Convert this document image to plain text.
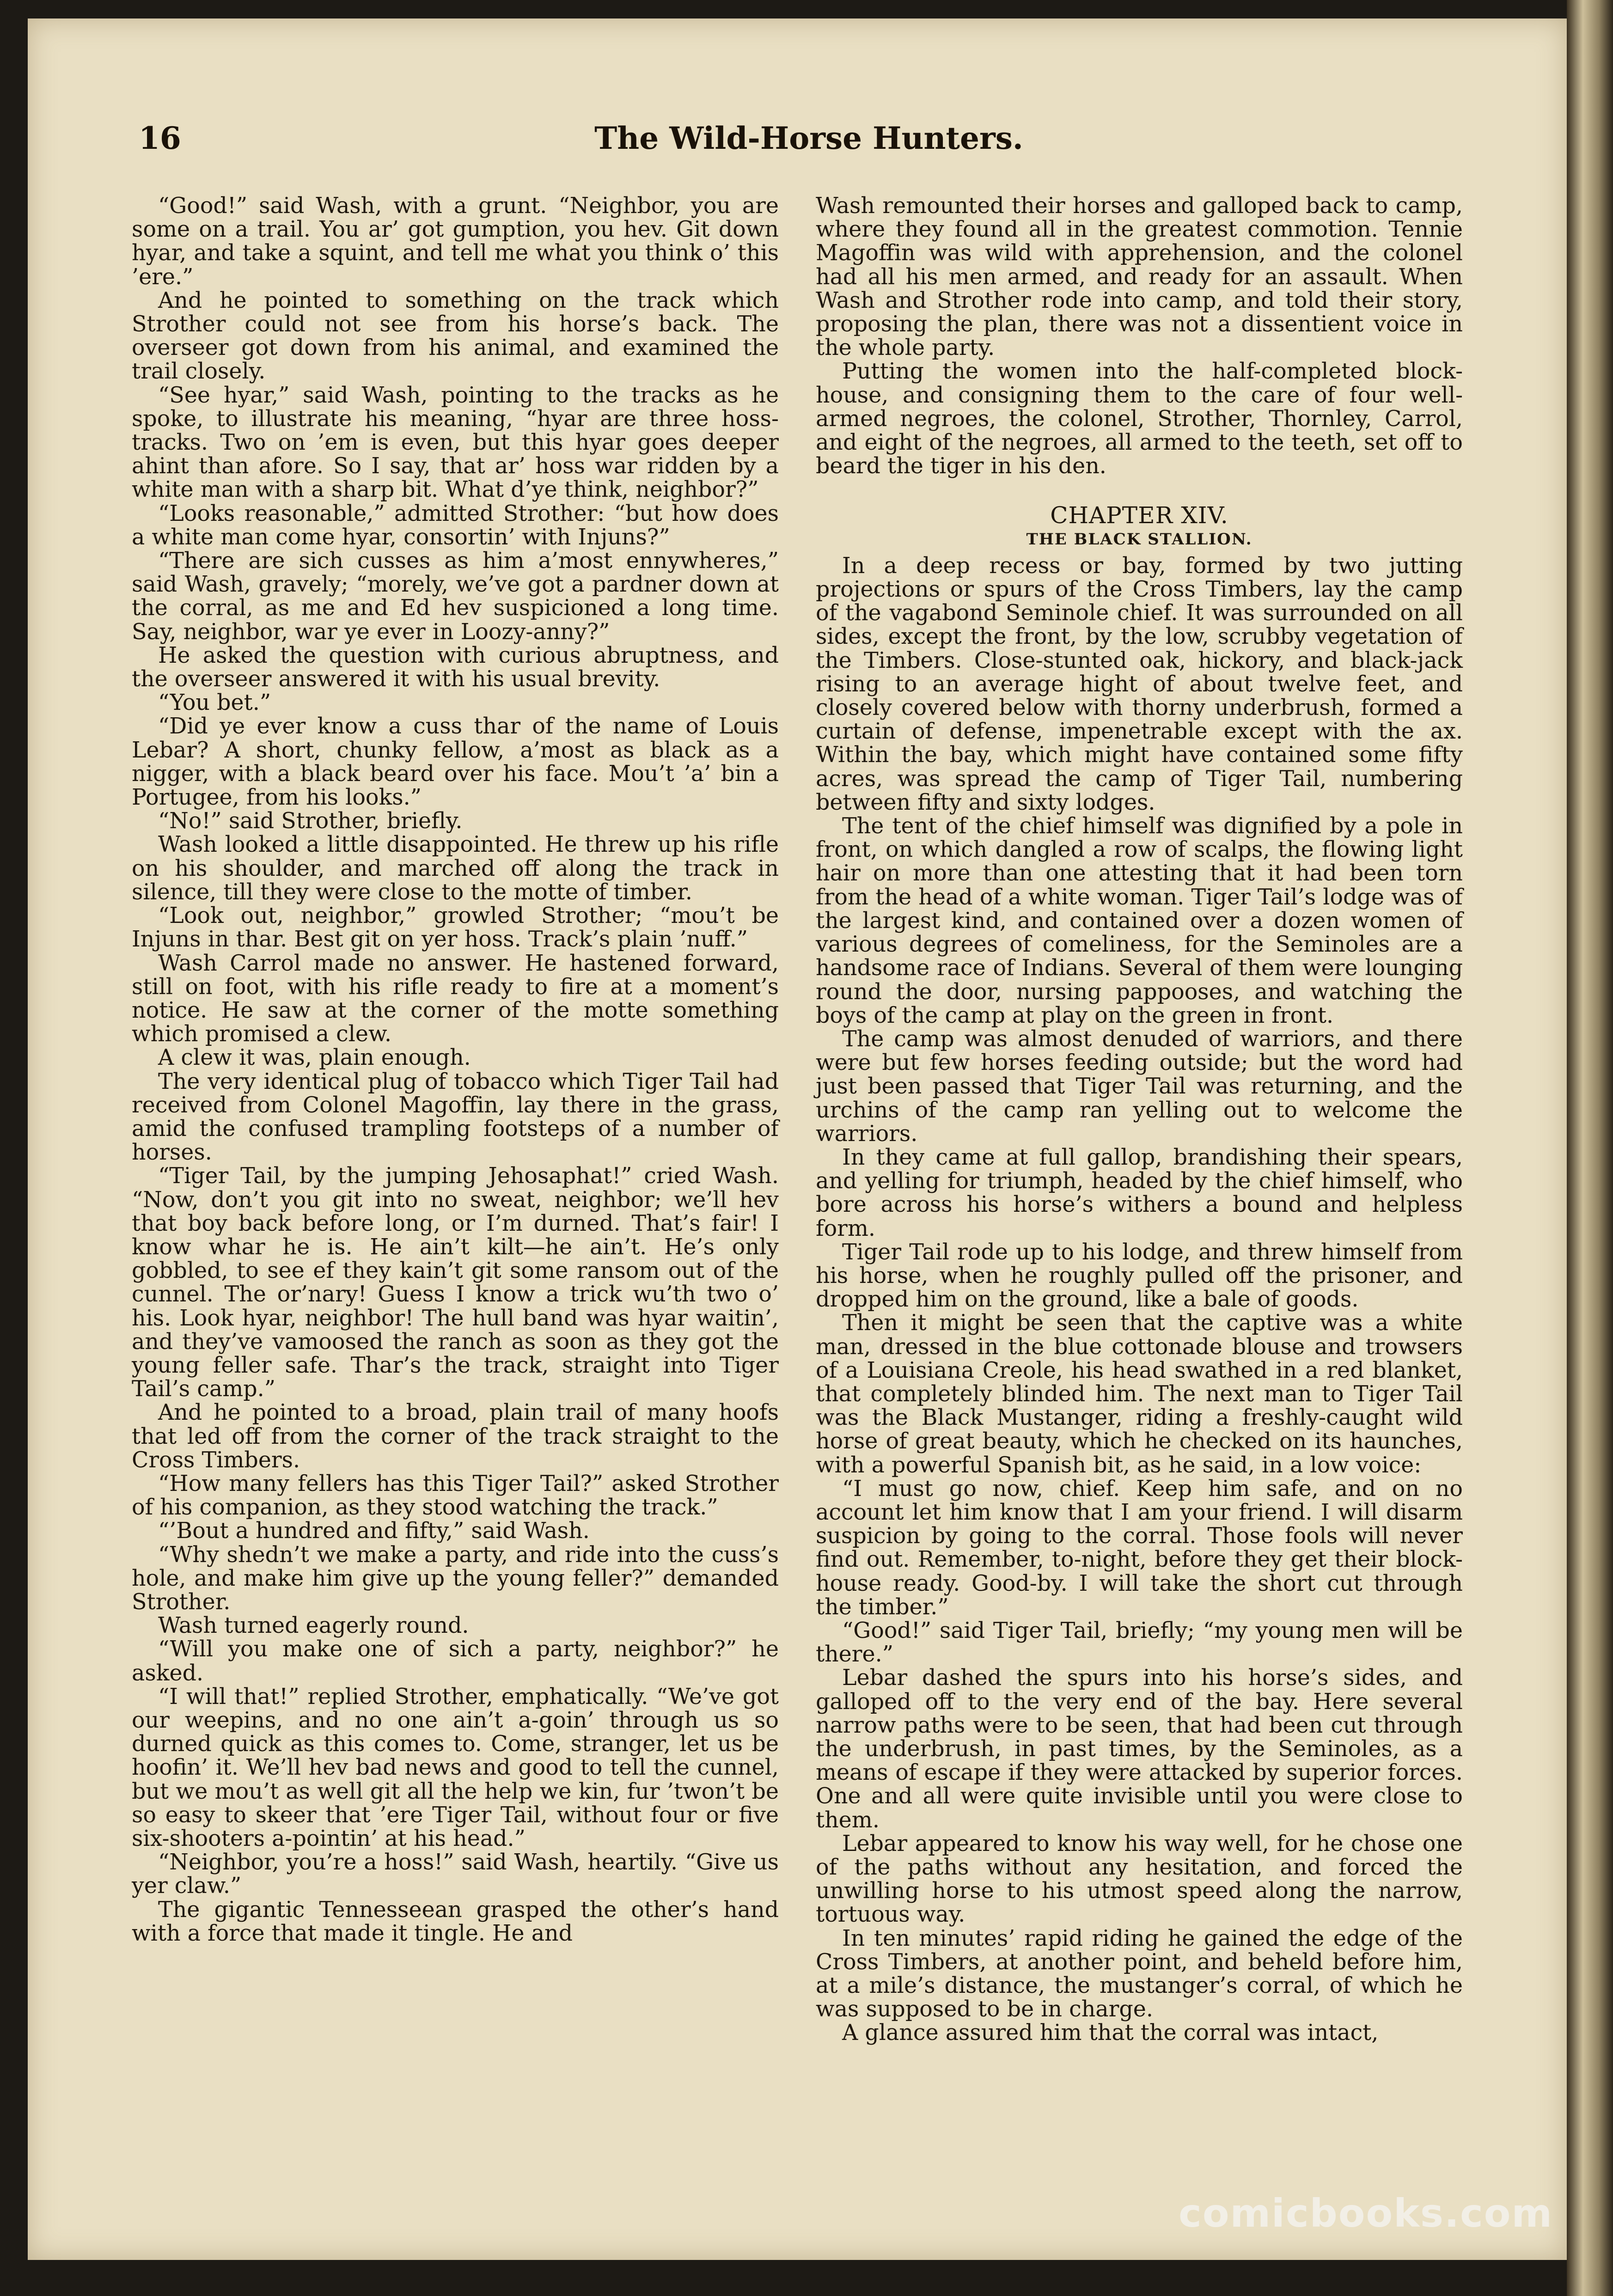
16	The Wild-Horse Hunters.

“Good!” said Wash, with a grunt. “Neighbor, you are some on a trail. You ar’ got gumption, you hev. Git down hyar, and take a squint, and tell me what you think o’ this ’ere.”

And he pointed to something on the track which Strother could not see from his horse’s back. The overseer got down from his animal, and examined the trail closely.

“See hyar,” said Wash, pointing to the tracks as he spoke, to illustrate his meaning, “hyar are three hoss-tracks. Two on ’em is even, but this hyar goes deeper ahint than afore. So I say, that ar’ hoss war ridden by a white man with a sharp bit. What d’ye think, neighbor?”

“Looks reasonable,” admitted Strother: “but how does a white man come hyar, consortin’ with Injuns?”

“There are sich cusses as him a’most ennywheres,” said Wash, gravely; “morely, we’ve got a pardner down at the corral, as me and Ed hev suspicioned a long time. Say, neighbor, war ye ever in Loozy-anny?”

He asked the question with curious abruptness, and the overseer answered it with his usual brevity.

“You bet.”

“Did ye ever know a cuss thar of the name of Louis Lebar? A short, chunky fellow, a’most as black as a nigger, with a black beard over his face. Mou’t ’a’ bin a Portugee, from his looks.”

“No!” said Strother, briefly.

Wash looked a little disappointed. He threw up his rifle on his shoulder, and marched off along the track in silence, till they were close to the motte of timber.

“Look out, neighbor,” growled Strother; “mou’t be Injuns in thar. Best git on yer hoss. Track’s plain ’nuff.”

Wash Carrol made no answer. He hastened forward, still on foot, with his rifle ready to fire at a moment’s notice. He saw at the corner of the motte something which promised a clew.

A clew it was, plain enough.

The very identical plug of tobacco which Tiger Tail had received from Colonel Magoffin, lay there in the grass, amid the confused trampling footsteps of a number of horses.

“Tiger Tail, by the jumping Jehosaphat!” cried Wash. “Now, don’t you git into no sweat, neighbor; we’ll hev that boy back before long, or I’m durned. That’s fair! I know whar he is. He ain’t kilt—he ain’t. He’s only gobbled, to see ef they kain’t git some ransom out of the cunnel. The or’nary! Guess I know a trick wu’th two o’ his. Look hyar, neighbor! The hull band was hyar waitin’, and they’ve vamoosed the ranch as soon as they got the young feller safe. Thar’s the track, straight into Tiger Tail’s camp.”

And he pointed to a broad, plain trail of many hoofs that led off from the corner of the track straight to the Cross Timbers.

“How many fellers has this Tiger Tail?” asked Strother of his companion, as they stood watching the track.”

“’Bout a hundred and fifty,” said Wash.

“Why shedn’t we make a party, and ride into the cuss’s hole, and make him give up the young feller?” demanded Strother.

Wash turned eagerly round.

“Will you make one of sich a party, neighbor?” he asked.

“I will that!” replied Strother, emphatically. “We’ve got our weepins, and no one ain’t a-goin’ through us so durned quick as this comes to. Come, stranger, let us be hoofin’ it. We’ll hev bad news and good to tell the cunnel, but we mou’t as well git all the help we kin, fur ’twon’t be so easy to skeer that ’ere Tiger Tail, without four or five six-shooters a-pointin’ at his head.”

“Neighbor, you’re a hoss!” said Wash, heartily. “Give us yer claw.”

The gigantic Tennesseean grasped the other’s hand with a force that made it tingle. He and

Wash remounted their horses and galloped back to camp, where they found all in the greatest commotion. Tennie Magoffin was wild with apprehension, and the colonel had all his men armed, and ready for an assault. When Wash and Strother rode into camp, and told their story, proposing the plan, there was not a dissentient voice in the whole party.

Putting the women into the half-completed block-house, and consigning them to the care of four well-armed negroes, the colonel, Strother, Thornley, Carrol, and eight of the negroes, all armed to the teeth, set off to beard the tiger in his den.

CHAPTER XIV.
THE BLACK STALLION.

In a deep recess or bay, formed by two jutting projections or spurs of the Cross Timbers, lay the camp of the vagabond Seminole chief. It was surrounded on all sides, except the front, by the low, scrubby vegetation of the Timbers. Close-stunted oak, hickory, and black-jack rising to an average hight of about twelve feet, and closely covered below with thorny underbrush, formed a curtain of defense, impenetrable except with the ax. Within the bay, which might have contained some fifty acres, was spread the camp of Tiger Tail, numbering between fifty and sixty lodges.

The tent of the chief himself was dignified by a pole in front, on which dangled a row of scalps, the flowing light hair on more than one attesting that it had been torn from the head of a white woman. Tiger Tail’s lodge was of the largest kind, and contained over a dozen women of various degrees of comeliness, for the Seminoles are a handsome race of Indians. Several of them were lounging round the door, nursing pappooses, and watching the boys of the camp at play on the green in front.

The camp was almost denuded of warriors, and there were but few horses feeding outside; but the word had just been passed that Tiger Tail was returning, and the urchins of the camp ran yelling out to welcome the warriors.

In they came at full gallop, brandishing their spears, and yelling for triumph, headed by the chief himself, who bore across his horse’s withers a bound and helpless form.

Tiger Tail rode up to his lodge, and threw himself from his horse, when he roughly pulled off the prisoner, and dropped him on the ground, like a bale of goods.

Then it might be seen that the captive was a white man, dressed in the blue cottonade blouse and trowsers of a Louisiana Creole, his head swathed in a red blanket, that completely blinded him. The next man to Tiger Tail was the Black Mustanger, riding a freshly-caught wild horse of great beauty, which he checked on its haunches, with a powerful Spanish bit, as he said, in a low voice:

“I must go now, chief. Keep him safe, and on no account let him know that I am your friend. I will disarm suspicion by going to the corral. Those fools will never find out. Remember, to-night, before they get their block-house ready. Good-by. I will take the short cut through the timber.”

“Good!” said Tiger Tail, briefly; “my young men will be there.”

Lebar dashed the spurs into his horse’s sides, and galloped off to the very end of the bay. Here several narrow paths were to be seen, that had been cut through the underbrush, in past times, by the Seminoles, as a means of escape if they were attacked by superior forces. One and all were quite invisible until you were close to them.

Lebar appeared to know his way well, for he chose one of the paths without any hesitation, and forced the unwilling horse to his utmost speed along the narrow, tortuous way.

In ten minutes’ rapid riding he gained the edge of the Cross Timbers, at another point, and beheld before him, at a mile’s distance, the mustanger’s corral, of which he was supposed to be in charge.

A glance assured him that the corral was intact,

comicbooks.com
